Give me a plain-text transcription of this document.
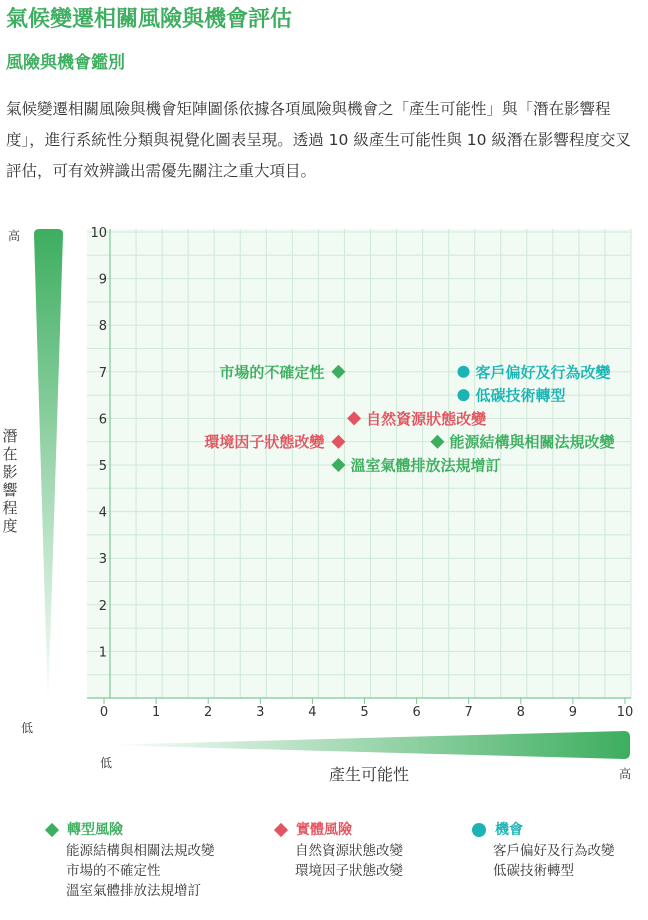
氣候變遷相關風險與機會評估
風險與機會鑑別

氣候變遷相關風險與機會矩陣圖係依據各項風險與機會之「產生可能性」與「潛在影響程度」，進行系統性分類與視覺化圖表呈現。透過 10 級產生可能性與 10 級潛在影響程度交叉評估，可有效辨識出需優先關注之重大項目。

高
低
潛
在
影
響
程
度
低
高
產生可能性
0	1	2	3	4	5	6	7	8	9	10
1
2
3
4
5
6
7
8
9
10
市場的不確定性
能源結構與相關法規改變
溫室氣體排放法規增訂
自然資源狀態改變
環境因子狀態改變
客戶偏好及行為改變
低碳技術轉型
轉型風險
能源結構與相關法規改變
市場的不確定性
溫室氣體排放法規增訂
實體風險
自然資源狀態改變
環境因子狀態改變
機會
客戶偏好及行為改變
低碳技術轉型
